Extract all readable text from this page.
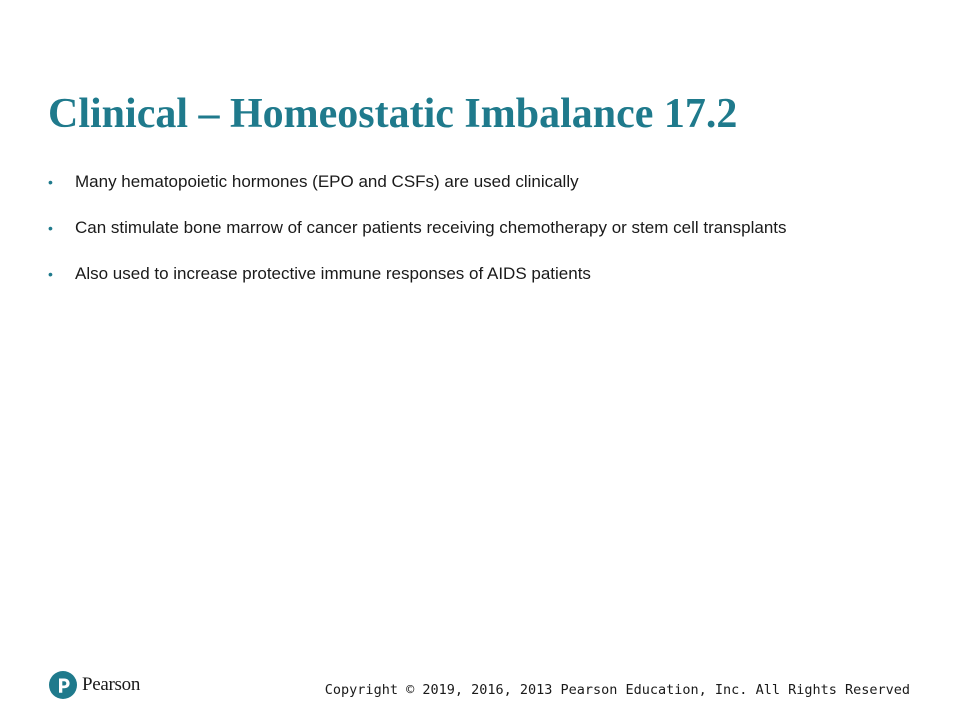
Clinical – Homeostatic Imbalance 17.2
•	Many hematopoietic hormones (EPO and CSFs) are used clinically
•	Can stimulate bone marrow of cancer patients receiving chemotherapy or stem cell transplants
•	Also used to increase protective immune responses of AIDS patients
Pearson	Copyright © 2019, 2016, 2013 Pearson Education, Inc. All Rights Reserved
